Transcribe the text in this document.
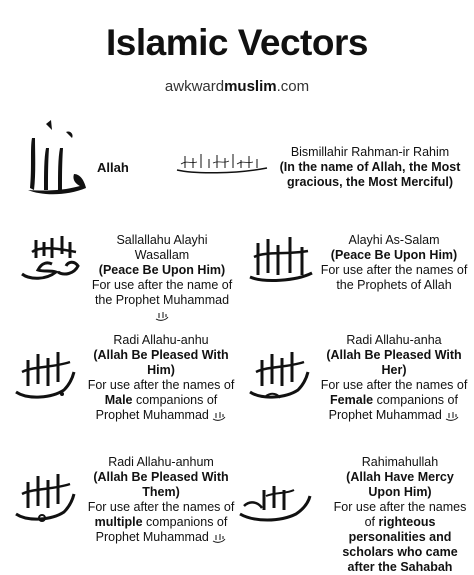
Islamic Vectors
awkwardmuslim.com
Allah
Bismillahir Rahman-ir Rahim
(In the name of Allah, the Most gracious, the Most Merciful)
Sallallahu Alayhi Wasallam
(Peace Be Upon Him)
For use after the name of the Prophet Muhammad
Alayhi As-Salam
(Peace Be Upon Him)
For use after the names of the Prophets of Allah
Radi Allahu-anhu
(Allah Be Pleased With Him)
For use after the names of Male companions of Prophet Muhammad
Radi Allahu-anha
(Allah Be Pleased With Her)
For use after the names of Female companions of Prophet Muhammad
Radi Allahu-anhum
(Allah Be Pleased With Them)
For use after the names of multiple companions of Prophet Muhammad
Rahimahullah
(Allah Have Mercy Upon Him)
For use after the names of righteous personalities and scholars who came after the Sahabah
